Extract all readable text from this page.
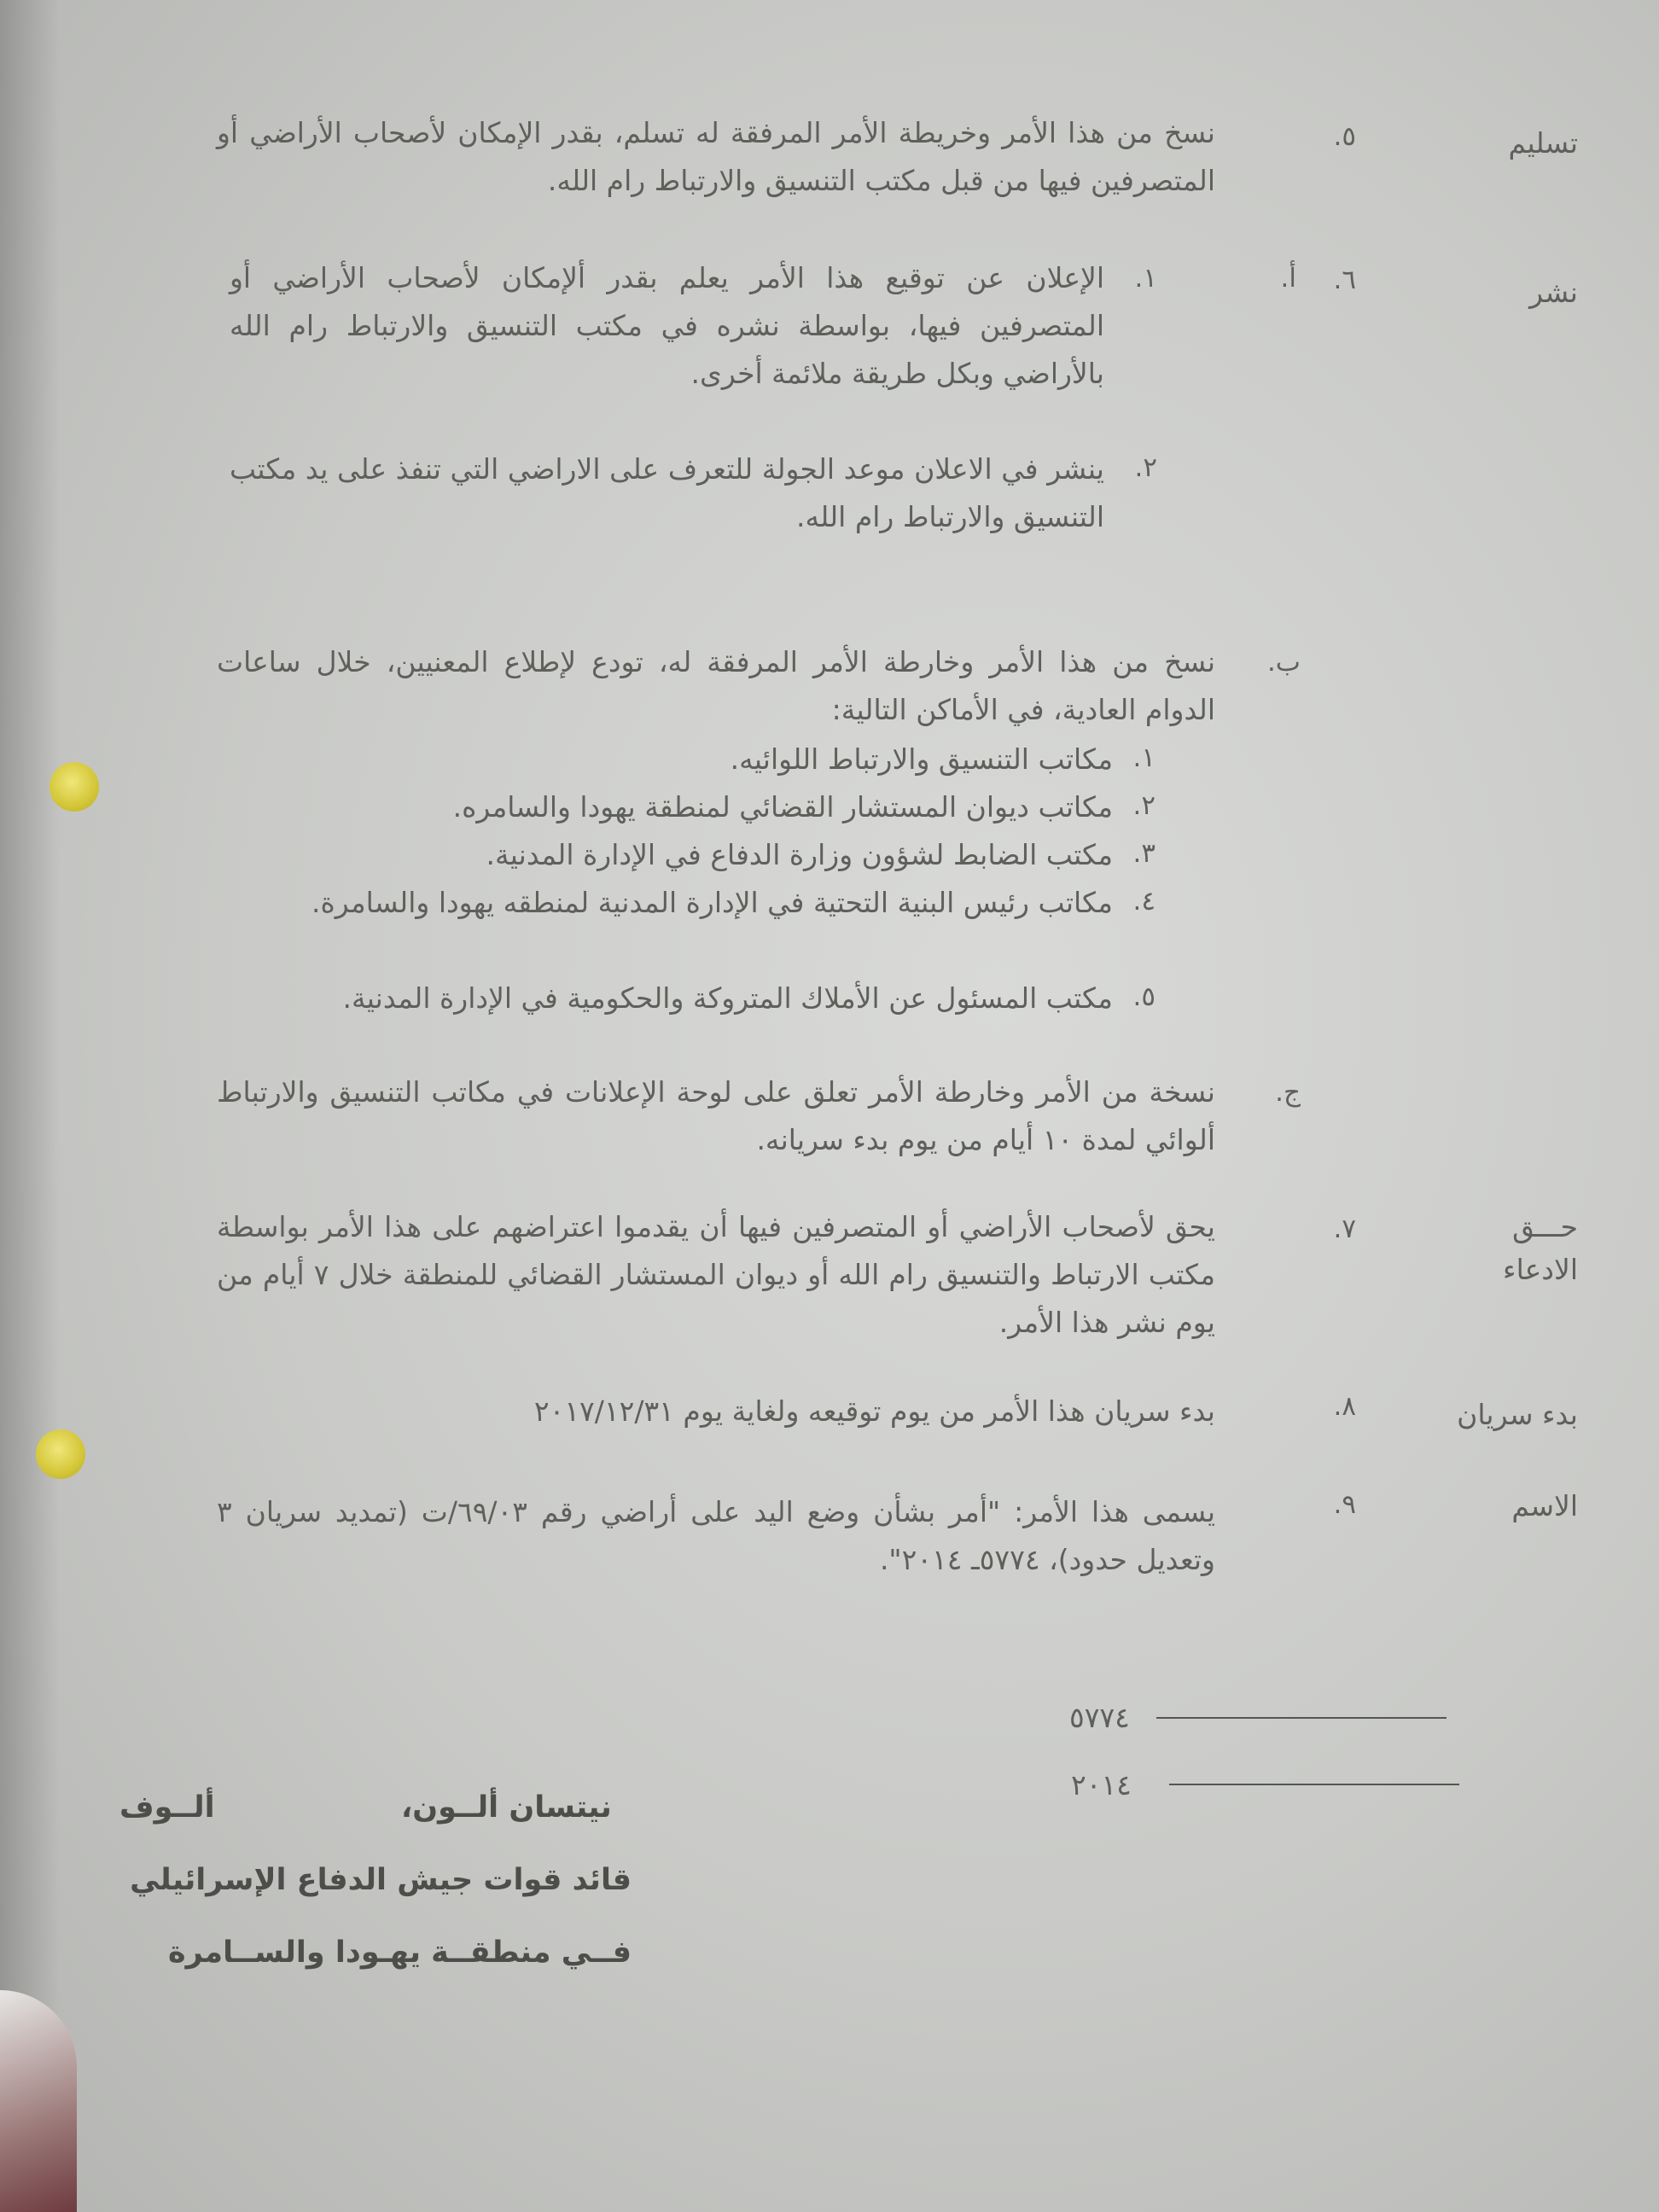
تسليم
٥.
نسخ من هذا الأمر وخريطة الأمر المرفقة له تسلم، بقدر الإمكان لأصحاب الأراضي أو المتصرفين فيها من قبل مكتب التنسيق والارتباط رام الله.
نشر
٦.
أ.
١.
الإعلان عن توقيع هذا الأمر يعلم بقدر ألإمكان لأصحاب الأراضي أو المتصرفين فيها، بواسطة نشره في مكتب التنسيق والارتباط رام الله بالأراضي وبكل طريقة ملائمة أخرى.
٢.
ينشر في الاعلان موعد الجولة للتعرف على الاراضي التي تنفذ على يد مكتب التنسيق والارتباط رام الله.
ب.
نسخ من هذا الأمر وخارطة الأمر المرفقة له، تودع لإطلاع المعنيين، خلال ساعات الدوام العادية، في الأماكن التالية:
١.
مكاتب التنسيق والارتباط اللوائيه.
٢.
مكاتب ديوان المستشار القضائي لمنطقة يهودا والسامره.
٣.
مكتب الضابط لشؤون وزارة الدفاع في الإدارة المدنية.
٤.
مكاتب رئيس البنية التحتية في الإدارة المدنية لمنطقه يهودا والسامرة.
٥.
مكتب المسئول عن الأملاك المتروكة والحكومية في الإدارة المدنية.
ج.
نسخة من الأمر وخارطة الأمر تعلق على لوحة الإعلانات في مكاتب التنسيق والارتباط ألوائي لمدة ١٠ أيام من يوم بدء سريانه.
حـــق
الادعاء
٧.
يحق لأصحاب الأراضي أو المتصرفين فيها أن يقدموا اعتراضهم على هذا الأمر بواسطة مكتب الارتباط والتنسيق رام الله أو ديوان المستشار القضائي للمنطقة خلال ٧ أيام من يوم نشر هذا الأمر.
بدء سريان
٨.
بدء سريان هذا الأمر من يوم توقيعه ولغاية يوم ٢٠١٧/١٢/٣١
الاسم
٩.
يسمى هذا الأمر: "أمر بشأن وضع اليد على أراضي رقم ٦٩/٠٣/ت (تمديد سريان ٣ وتعديل حدود)، ٥٧٧٤ـ ٢٠١٤".
٥٧٧٤
٢٠١٤
نيتسان ألــون،
ألــوف
قائد قوات جيش الدفاع الإسرائيلي
فــي منطقــة يهـودا والســامرة
